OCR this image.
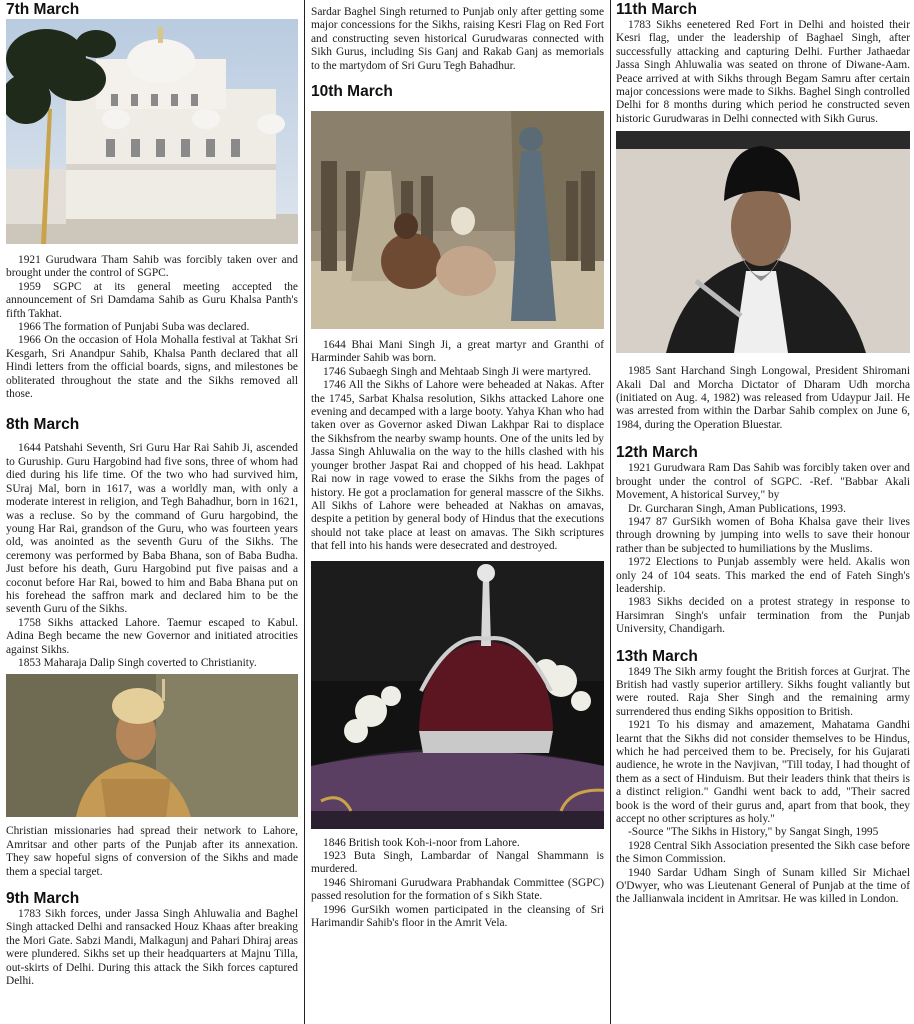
7th March

1921 Gurudwara Tham Sahib was forcibly taken over and brought under the control of SGPC.

1959 SGPC at its general meeting accepted the announcement of Sri Damdama Sahib as Guru Khalsa Panth's fifth Takhat.

1966 The formation of Punjabi Suba was declared.

1966 On the occasion of Hola Mohalla festival at Takhat Sri Kesgarh, Sri Anandpur Sahib, Khalsa Panth declared that all Hindi letters from the official boards, signs, and milestones be obliterated throughout the state and the Sikhs removed all those.

8th March

1644 Patshahi Seventh, Sri Guru Har Rai Sahib Ji, ascended to Guruship. Guru Hargobind had five sons, three of whom had died during his life time. Of the two who had survived him, SUraj Mal, born in 1617, was a worldly man, with only a moderate interest in religion, and Tegh Bahadhur, born in 1621, was a recluse. So by the command of Guru hargobind, the young Har Rai, grandson of the Guru, who was fourteen years old, was anointed as the seventh Guru of the Sikhs. The ceremony was performed by Baba Bhana, son of Baba Budha. Just before his death, Guru Hargobind put five paisas and a coconut before Har Rai, bowed to him and Baba Bhana put on his forehead the saffron mark and declared him to be the seventh Guru of the Sikhs.

1758 Sikhs attacked Lahore. Taemur escaped to Kabul. Adina Begh became the new Governor and initiated atrocities against Sikhs.

1853 Maharaja Dalip Singh coverted to Christianity.

Christian missionaries had spread their network to Lahore, Amritsar and other parts of the Punjab after its annexation. They saw hopeful signs of conversion of the Sikhs and made them a special target.

9th March

1783 Sikh forces, under Jassa Singh Ahluwalia and Baghel Singh attacked Delhi and ransacked Houz Khaas after breaking the Mori Gate. Sabzi Mandi, Malkagunj and Pahari Dhiraj areas were plundered. Sikhs set up their headquarters at Majnu Tilla, out-skirts of Delhi. During this attack the Sikh forces captured Delhi.

Sardar Baghel Singh returned to Punjab only after getting some major concessions for the Sikhs, raising Kesri Flag on Red Fort and constructing seven historical Gurudwaras connected with Sikh Gurus, including Sis Ganj and Rakab Ganj as memorials to the martydom of Sri Guru Tegh Bahadhur.

10th March

1644 Bhai Mani Singh Ji, a great martyr and Granthi of Harminder Sahib was born.

1746 Subaegh Singh and Mehtaab Singh Ji were martyred.

1746 All the Sikhs of Lahore were beheaded at Nakas. After the 1745, Sarbat Khalsa resolution, Sikhs attacked Lahore one evening and decamped with a large booty. Yahya Khan who had taken over as Governor asked Diwan Lakhpar Rai to displace the Sikhsfrom the nearby swamp hounts. One of the units led by Jassa Singh Ahluwalia on the way to the hills clashed with his younger brother Jaspat Rai and chopped of his head. Lakhpat Rai now in rage vowed to erase the Sikhs from the pages of history. He got a proclamation for general masscre of the Sikhs. All Sikhs of Lahore were beheaded at Nakhas on amavas, despite a petition by general body of Hindus that the executions should not take place at least on amavas. The Sikh scriptures that fell into his hands were desecrated and destroyed.

1846 British took Koh-i-noor from Lahore.

1923 Buta Singh, Lambardar of Nangal Shammann is murdered.

1946 Shiromani Gurudwara Prabhandak Committee (SGPC) passed resolution for the formation of s Sikh State.

1996 GurSikh women participated in the cleansing of Sri Harimandir Sahib's floor in the Amrit Vela.

11th March

1783 Sikhs eenetered Red Fort in Delhi and hoisted their Kesri flag, under the leadership of Baghael Singh, after successfully attacking and capturing Delhi. Further Jathaedar Jassa Singh Ahluwalia was seated on throne of Diwane-Aam. Peace arrived at with Sikhs through Begam Samru after certain major concessions were made to Sikhs. Baghel Singh controlled Delhi for 8 months during which period he constructed seven historic Gurudwaras in Delhi connected with Sikh Gurus.

1985 Sant Harchand Singh Longowal, President Shiromani Akali Dal and Morcha Dictator of Dharam Udh morcha (initiated on Aug. 4, 1982) was released from Udaypur Jail. He was arrested from within the Darbar Sahib complex on June 6, 1984, during the Operation Bluestar.

12th March

1921 Gurudwara Ram Das Sahib was forcibly taken over and brought under the control of SGPC. -Ref. "Babbar Akali Movement, A historical Survey," by

Dr. Gurcharan Singh, Aman Publications, 1993.

1947 87 GurSikh women of Boha Khalsa gave their lives through drowning by jumping into wells to save their honour rather than be subjected to humiliations by the Muslims.

1972 Elections to Punjab assembly were held. Akalis won only 24 of 104 seats. This marked the end of Fateh Singh's leadership.

1983 Sikhs decided on a protest strategy in response to Harsimran Singh's unfair termination from the Punjab University, Chandigarh.

13th March

1849 The Sikh army fought the British forces at Gurjrat. The British had vastly superior artillery. Sikhs fought valiantly but were routed. Raja Sher Singh and the remaining army surrendered thus ending Sikhs opposition to British.

1921 To his dismay and amazement, Mahatama Gandhi learnt that the Sikhs did not consider themselves to be Hindus, which he had perceived them to be. Precisely, for his Gujarati audience, he wrote in the Navjivan, "Till today, I had thought of them as a sect of Hinduism. But their leaders think that theirs is a distinct religion." Gandhi went back to add, "Their sacred book is the word of their gurus and, apart from that book, they accept no other scriptures as holy."

-Source "The Sikhs in History," by Sangat Singh, 1995

1928 Central Sikh Association presented the Sikh case before the Simon Commission.

1940 Sardar Udham Singh of Sunam killed Sir Michael O'Dwyer, who was Lieutenant General of Punjab at the time of the Jallianwala incident in Amritsar. He was killed in London.
